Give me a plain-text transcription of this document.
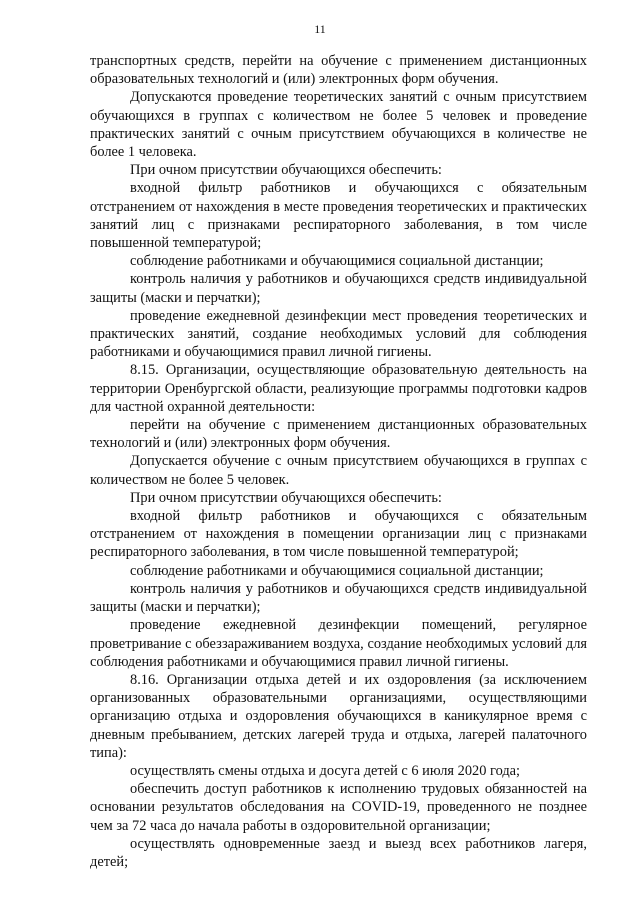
11

транспортных средств, перейти на обучение с применением дистанционных образовательных технологий и (или) электронных форм обучения.

Допускаются проведение теоретических занятий с очным присутствием обучающихся в группах с количеством не более 5 человек и проведение практических занятий с очным присутствием обучающихся в количестве не более 1 человека.

При очном присутствии обучающихся обеспечить:

входной фильтр работников и обучающихся с обязательным отстранением от нахождения в месте проведения теоретических и практических занятий лиц с признаками респираторного заболевания, в том числе повышенной температурой;

соблюдение работниками и обучающимися социальной дистанции;

контроль наличия у работников и обучающихся средств индивидуальной защиты (маски и перчатки);

проведение ежедневной дезинфекции мест проведения теоретических и практических занятий, создание необходимых условий для соблюдения работниками и обучающимися правил личной гигиены.

8.15. Организации, осуществляющие образовательную деятельность на территории Оренбургской области, реализующие программы подготовки кадров для частной охранной деятельности:

перейти на обучение с применением дистанционных образовательных технологий и (или) электронных форм обучения.

Допускается обучение с очным присутствием обучающихся в группах с количеством не более 5 человек.

При очном присутствии обучающихся обеспечить:

входной фильтр работников и обучающихся с обязательным отстранением от нахождения в помещении организации лиц с признаками респираторного заболевания, в том числе повышенной температурой;

соблюдение работниками и обучающимися социальной дистанции;

контроль наличия у работников и обучающихся средств индивидуальной защиты (маски и перчатки);

проведение ежедневной дезинфекции помещений, регулярное проветривание с обеззараживанием воздуха, создание необходимых условий для соблюдения работниками и обучающимися правил личной гигиены.

8.16. Организации отдыха детей и их оздоровления (за исключением организованных образовательными организациями, осуществляющими организацию отдыха и оздоровления обучающихся в каникулярное время с дневным пребыванием, детских лагерей труда и отдыха, лагерей палаточного типа):

осуществлять смены отдыха и досуга детей с 6 июля 2020 года;

обеспечить доступ работников к исполнению трудовых обязанностей на основании результатов обследования на COVID-19, проведенного не позднее чем за 72 часа до начала работы в оздоровительной организации;

осуществлять одновременные заезд и выезд всех работников лагеря, детей;
